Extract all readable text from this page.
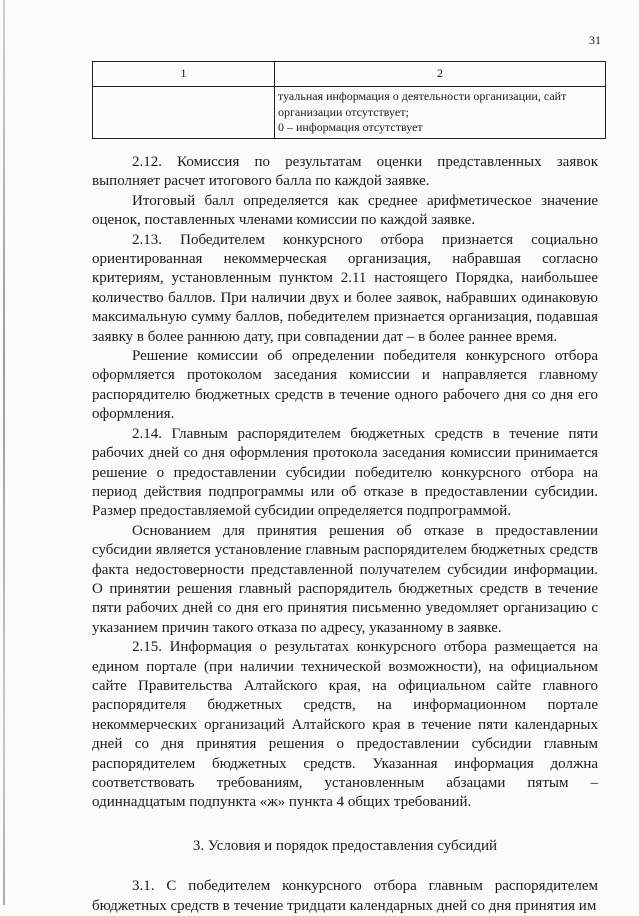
31
1	2

	туальная информация о деятельности организации, сайт
организации отсутствует;
0 – информация отсутствует

2.12. Комиссия по результатам оценки представленных заявок выполняет расчет итогового балла по каждой заявке.

Итоговый балл определяется как среднее арифметическое значение оценок, поставленных членами комиссии по каждой заявке.

2.13. Победителем конкурсного отбора признается социально ориентированная некоммерческая организация, набравшая согласно критериям, установленным пунктом 2.11 настоящего Порядка, наибольшее количество баллов. При наличии двух и более заявок, набравших одинаковую максимальную сумму баллов, победителем признается организация, подавшая заявку в более раннюю дату, при совпадении дат – в более раннее время.

Решение комиссии об определении победителя конкурсного отбора оформляется протоколом заседания комиссии и направляется главному распорядителю бюджетных средств в течение одного рабочего дня со дня его оформления.

2.14. Главным распорядителем бюджетных средств в течение пяти рабочих дней со дня оформления протокола заседания комиссии принимается решение о предоставлении субсидии победителю конкурсного отбора на период действия подпрограммы или об отказе в предоставлении субсидии. Размер предоставляемой субсидии определяется подпрограммой.

Основанием для принятия решения об отказе в предоставлении субсидии является установление главным распорядителем бюджетных средств факта недостоверности представленной получателем субсидии информации. О принятии решения главный распорядитель бюджетных средств в течение пяти рабочих дней со дня его принятия письменно уведомляет организацию с указанием причин такого отказа по адресу, указанному в заявке.

2.15. Информация о результатах конкурсного отбора размещается на едином портале (при наличии технической возможности), на официальном сайте Правительства Алтайского края, на официальном сайте главного распорядителя бюджетных средств, на информационном портале некоммерческих организаций Алтайского края в течение пяти календарных дней со дня принятия решения о предоставлении субсидии главным распорядителем бюджетных средств. Указанная информация должна соответствовать требованиям, установленным абзацами пятым – одиннадцатым подпункта «ж» пункта 4 общих требований.

3. Условия и порядок предоставления субсидий

3.1. С победителем конкурсного отбора главным распорядителем бюджетных средств в течение тридцати календарных дней со дня принятия им
